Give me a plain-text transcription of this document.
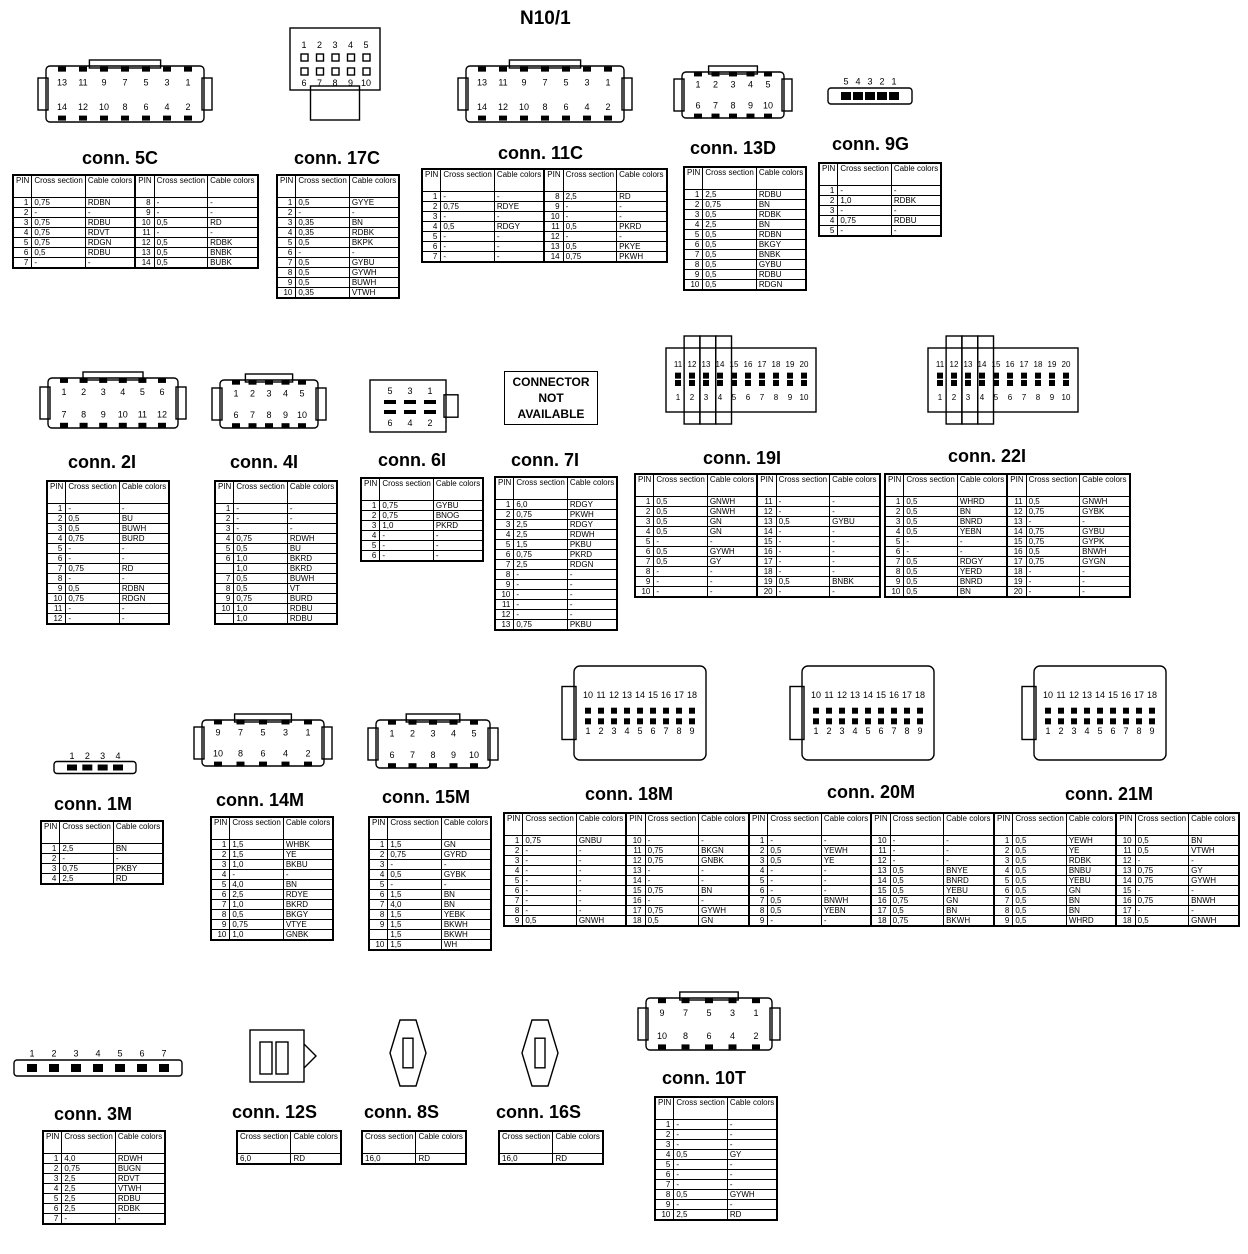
N10/1
13 11 9 7 5 3 1
14 12 10 8 6 4 2
conn. 5C
PIN	Cross section	Cable colors	PIN	Cross section	Cable colors
1	0,75	RDBN	8	-	-
2	-	-	9	-	-
3	0,75	RDBU	10	0,5	RD
4	0,75	RDVT	11	-	-
5	0,75	RDGN	12	0,5	RDBK
6	0,5	RDBU	13	0,5	BNBK
7	-	-	14	0,5	BUBK
1 2 3 4 5
6 7 8 9 10
conn. 17C
PIN	Cross section	Cable colors
1	0,5	GYYE
2	-	-
3	0,35	BN
4	0,35	RDBK
5	0,5	BKPK
6	-	-
7	0,5	GYBU
8	0,5	GYWH
9	0,5	BUWH
10	0,35	VTWH
13 11 9 7 5 3 1
14 12 10 8 6 4 2
conn. 11C
PIN	Cross section	Cable colors	PIN	Cross section	Cable colors
1	-	-	8	2,5	RD
2	0,75	RDYE	9	-	-
3	-	-	10	-	-
4	0,5	RDGY	11	0,5	PKRD
5	-	-	12	-	-
6	-	-	13	0,5	PKYE
7	-	-	14	0,75	PKWH
1 2 3 4 5
6 7 8 9 10
conn. 13D
PIN	Cross section	Cable colors
1	2,5	RDBU
2	0,75	BN
3	0,5	RDBK
4	2,5	BN
5	0,5	RDBN
6	0,5	BKGY
7	0,5	BNBK
8	0,5	GYBU
9	0,5	RDBU
10	0,5	RDGN
5 4 3 2 1
conn. 9G
PIN	Cross section	Cable colors
1	-	-
2	1,0	RDBK
3	-	-
4	0,75	RDBU
5	-	-
1 2 3 4 5 6
7 8 9 10 11 12
conn. 2I
PIN	Cross section	Cable colors
1	-	-
2	0,5	BU
3	0,5	BUWH
4	0,75	BURD
5	-	-
6	-	-
7	0,75	RD
8	-	-
9	0,5	RDBN
10	0,75	RDGN
11	-	-
12	-	-
1 2 3 4 5
6 7 8 9 10
conn. 4I
PIN	Cross section	Cable colors
1	-	-
2	-	-
3	-	-
4	0,75	RDWH
5	0,5	BU
6	1,0	BKRD
	1,0	BKRD
7	0,5	BUWH
8	0,5	VT
9	0,75	BURD
10	1,0	RDBU
	1,0	RDBU
5 3 1
6 4 2
conn. 6I
PIN	Cross section	Cable colors
1	0,75	GYBU
2	0,75	BNOG
3	1,0	PKRD
4	-	-
5	-	-
6	-	-
conn. 7I
PIN	Cross section	Cable colors
1	6,0	RDGY
2	0,75	PKWH
3	2,5	RDGY
4	2,5	RDWH
5	1,5	PKBU
6	0,75	PKRD
7	2,5	RDGN
8	-	-
9	-	-
10	-	-
11	-	-
12	-	-
13	0,75	PKBU
11 12 13 14 15 16 17 18 19 20
1 2 3 4 5 6 7 8 9 10
conn. 19I
PIN	Cross section	Cable colors	PIN	Cross section	Cable colors
1	0,5	GNWH	11	-	-
2	0,5	GNWH	12	-	-
3	0,5	GN	13	0,5	GYBU
4	0,5	GN	14	-	-
5	-	-	15	-	-
6	0,5	GYWH	16	-	-
7	0,5	GY	17	-	-
8	-	-	18	-	-
9	-	-	19	0,5	BNBK
10	-	-	20	-	-
11 12 13 14 15 16 17 18 19 20
1 2 3 4 5 6 7 8 9 10
conn. 22I
PIN	Cross section	Cable colors	PIN	Cross section	Cable colors
1	0,5	WHRD	11	0,5	GNWH
2	0,5	BN	12	0,75	GYBK
3	0,5	BNRD	13	-	-
4	0,5	YEBN	14	0,75	GYBU
5	-	-	15	0,75	GYPK
6	-	-	16	0,5	BNWH
7	0,5	RDGY	17	0,75	GYGN
8	0,5	YERD	18	-	-
9	0,5	BNRD	19	-	-
10	0,5	BN	20	-	-
1 2 3 4
conn. 1M
PIN	Cross section	Cable colors
1	2,5	BN
2	-	-
3	0,75	PKBY
4	2,5	RD
9 7 5 3 1
10 8 6 4 2
conn. 14M
PIN	Cross section	Cable colors
1	1,5	WHBK
2	1,5	YE
3	1,0	BKBU
4	-	-
5	4,0	BN
6	2,5	RDYE
7	1,0	BKRD
8	0,5	BKGY
9	0,75	VTYE
10	1,0	GNBK
1 2 3 4 5
6 7 8 9 10
conn. 15M
PIN	Cross section	Cable colors
1	1,5	GN
2	0,75	GYRD
3	-	-
4	0,5	GYBK
5	-	-
6	1,5	BN
7	4,0	BN
8	1,5	YEBK
9	1,5	BKWH
	1,5	BKWH
10	1,5	WH
10 11 12 13 14 15 16 17 18
1 2 3 4 5 6 7 8 9
conn. 18M
PIN	Cross section	Cable colors	PIN	Cross section	Cable colors
1	0,75	GNBU	10	-	-
2	-	-	11	0,75	BKGN
3	-	-	12	0,75	GNBK
4	-	-	13	-	-
5	-	-	14	-	-
6	-	-	15	0,75	BN
7	-	-	16	-	-
8	-	-	17	0,75	GYWH
9	0,5	GNWH	18	0,5	GN
10 11 12 13 14 15 16 17 18
1 2 3 4 5 6 7 8 9
conn. 20M
PIN	Cross section	Cable colors	PIN	Cross section	Cable colors
1	-	-	10	-	-
2	0,5	YEWH	11	-	-
3	0,5	YE	12	-	-
4	-	-	13	0,5	BNYE
5	-	-	14	0,5	BNRD
6	-	-	15	0,5	YEBU
7	0,5	BNWH	16	0,75	GN
8	0,5	YEBN	17	0,5	BN
9	-	-	18	0,75	BKWH
10 11 12 13 14 15 16 17 18
1 2 3 4 5 6 7 8 9
conn. 21M
PIN	Cross section	Cable colors	PIN	Cross section	Cable colors
1	0,5	YEWH	10	0,5	BN
2	0,5	YE	11	0,5	VTWH
3	0,5	RDBK	12	-	-
4	0,5	BNBU	13	0,75	GY
5	0,5	YEBU	14	0,75	GYWH
6	0,5	GN	15	-	-
7	0,5	BN	16	0,75	BNWH
8	0,5	BN	17	-	-
9	0,5	WHRD	18	0,5	GNWH
1 2 3 4 5 6 7
conn. 3M
PIN	Cross section	Cable colors
1	4,0	RDWH
2	0,75	BUGN
3	2,5	RDVT
4	2,5	VTWH
5	2,5	RDBU
6	2,5	RDBK
7	-	-
conn. 12S
Cross section	Cable colors
6,0	RD
conn. 8S
Cross section	Cable colors
16,0	RD
conn. 16S
Cross section	Cable colors
16,0	RD
9 7 5 3 1
10 8 6 4 2
conn. 10T
PIN	Cross section	Cable colors
1	-	-
2	-	-
3	-	-
4	0,5	GY
5	-	-
6	-	-
7	-	-
8	0,5	GYWH
9	-	-
10	2,5	RD
CONNECTOR
NOT
AVAILABLE
